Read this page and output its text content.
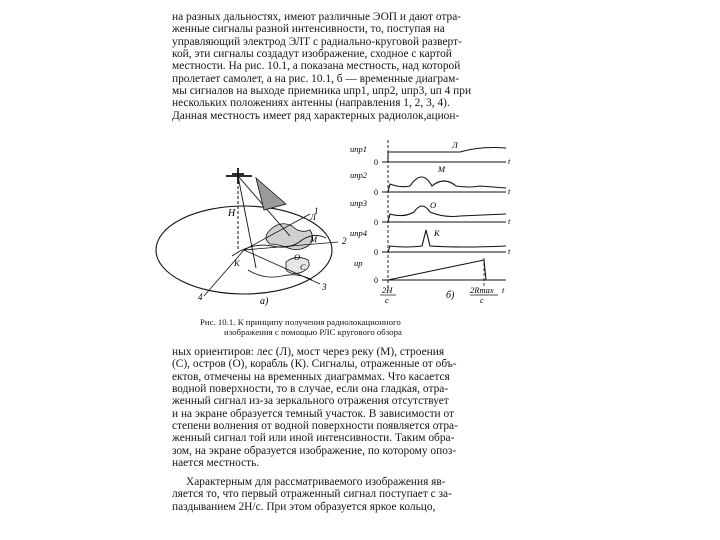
на разных дальностях, имеют различные ЭОП и дают отра-
женные сигналы разной интенсивности, то, поступая на
управляющий электрод ЭЛТ с радиально-круговой разверт-
кой, эти сигналы создадут изображение, сходное с картой
местности. На рис. 10.1, а показана местность, над которой
пролетает самолет, а на рис. 10.1, б — временные диаграм-
мы сигналов на выходе приемника uпр1, uпр2, uпр3, uп 4 при
нескольких положениях антенны (направления 1, 2, 3, 4).
Данная местность имеет ряд характерных радиолок,ацион-
H	1
2
3
4
Л
М
О
С
К
а)
uпр1
0
Л
t
uпр2
0
М
t
uпр3
0
О
t
uпр4
0
К
t
uр
0
2H
c
2Rmax
c
t
б)
Рис. 10.1. К принципу получения радиолокационного
изображения с помощью РЛС кругового обзора
ных ориентиров: лес (Л), мост через реку (М), строения
(С), остров (О), корабль (К). Сигналы, отраженные от объ-
ектов, отмечены на временных диаграммах. Что касается
водной поверхности, то в случае, если она гладкая, отра-
женный сигнал из-за зеркального отражения отсутствует
и на экране образуется темный участок. В зависимости от
степени волнения от водной поверхности появляется отра-
женный сигнал той или иной интенсивности. Таким обра-
зом, на экране образуется изображение, по которому опоз-
нается местность.
Характерным для рассматриваемого изображения яв-
ляется то, что первый отраженный сигнал поступает с за-
паздыванием 2H/c. При этом образуется яркое кольцо,
